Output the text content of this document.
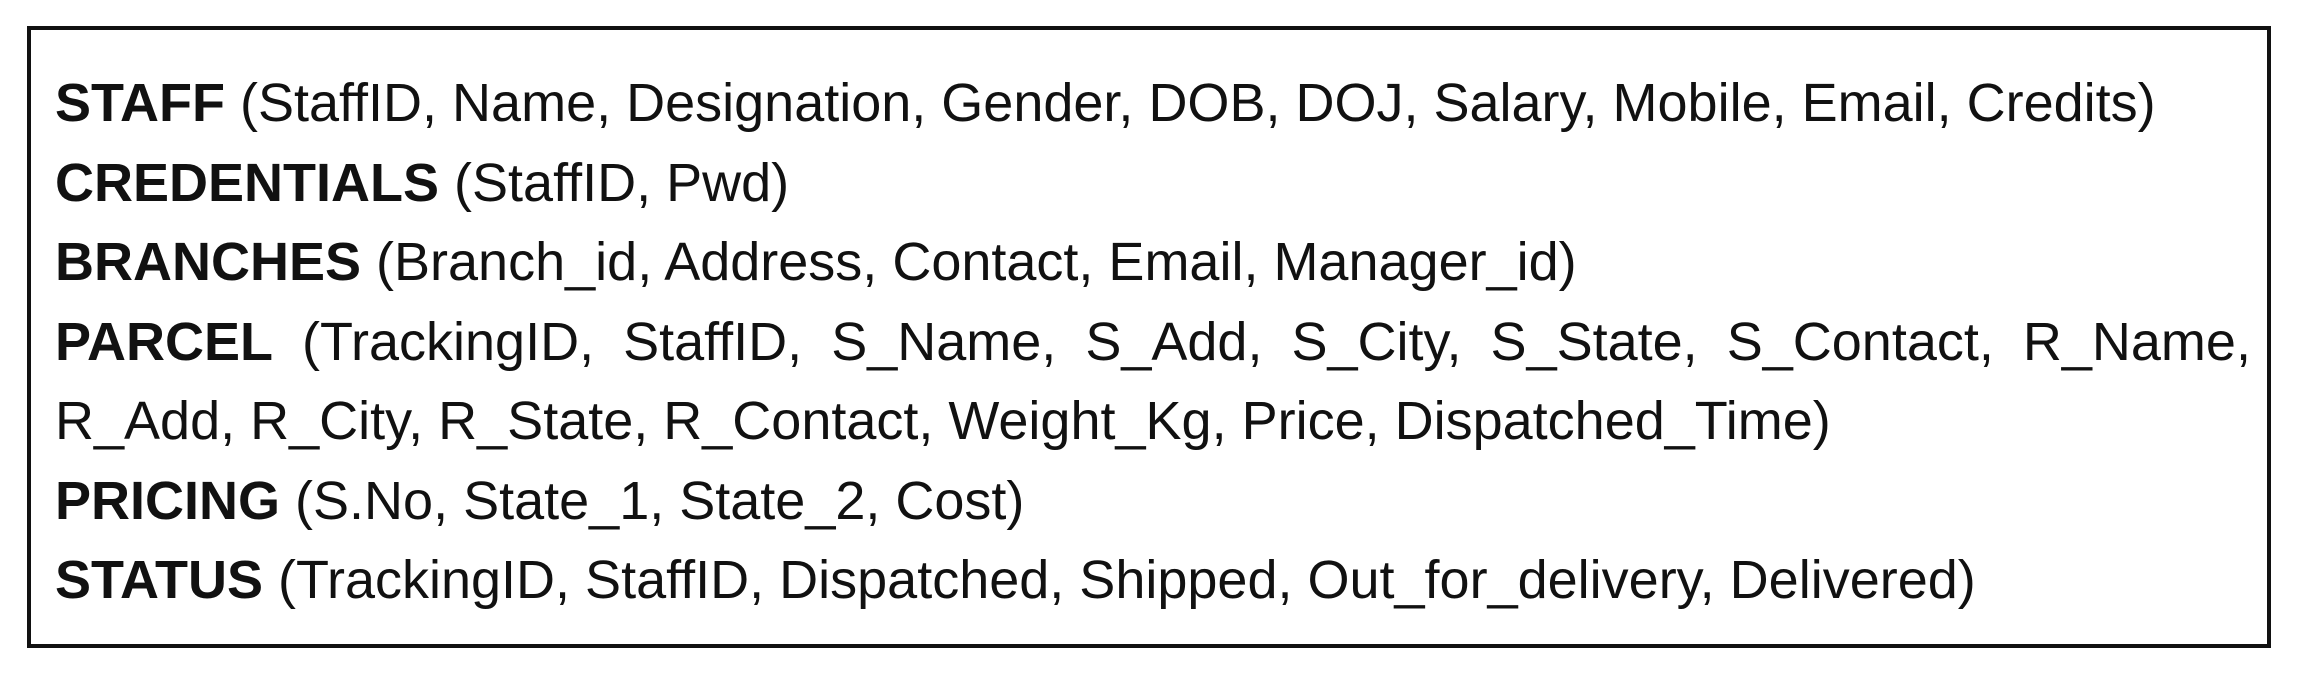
STAFF (StaffID, Name, Designation, Gender, DOB, DOJ, Salary, Mobile, Email, Credits)

CREDENTIALS (StaffID, Pwd)

BRANCHES (Branch_id, Address, Contact, Email, Manager_id)

PARCEL (TrackingID, StaffID, S_Name, S_Add, S_City, S_State, S_Contact, R_Name,

R_Add, R_City, R_State, R_Contact, Weight_Kg, Price, Dispatched_Time)

PRICING (S.No, State_1, State_2, Cost)

STATUS (TrackingID, StaffID, Dispatched, Shipped, Out_for_delivery, Delivered)
